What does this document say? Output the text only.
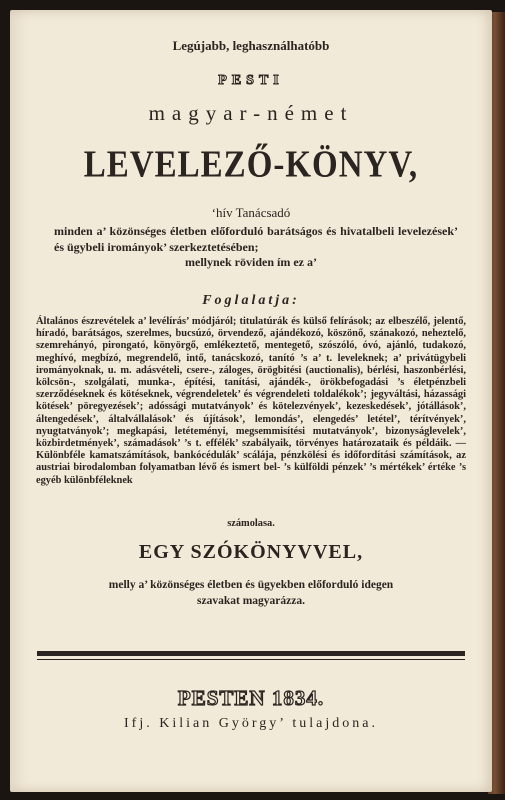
Legújabb, leghasználhatóbb
PESTI
magyar-német
LEVELEZŐ-KÖNYV,
ʻhív Tanácsadó
minden a’ közönséges életben előforduló barátságos és hivatalbeli levelezések’ és ügybeli irományok’ szerkeztetésében;
mellynek röviden ím ez a’
Foglalatja:
Általános észrevételek a’ levélírás’ módjáról; titulatúrák és külső felírások; az elbeszélő, jelentő, híradó, barátságos, szerelmes, bucsúzó, örvendező, ajándékozó, köszönő, szánakozó, neheztelő, szemrehányó, pirongató, könyörgő, emlékeztető, mentegető, szószóló, óvó, ajánló, tudakozó, meghívó, megbízó, megrendelő, intő, tanácskozó, tanító ’s a’ t. leveleknek; a’ privátügybeli irományoknak, u. m. adásvételi, csere-, záloges, örögbitési (auctionalis), bérlési, haszonbérlési, kölcsön-, szolgálati, munka-, építési, tanítási, ajándék-, örökbefogadási ’s életpénzbeli szerződéseknek és kötéseknek, végrendeletek’ és végrendeleti toldalékok’; jegyváltási, házassági kötések’ pöregyezések’; adóssági mutatványok’ és kötelezvények’, kezeskedések’, jótállások’, áltengedések’, általvállalások’ és újítások’, lemondás’, elengedés’ letétel’, térítvények’, nyugtatványok’; megkapási, letéteményi, megsemmisítési mutatványok’, bizonyságlevelek’, közbirdetmények’, számadások’ ’s t. effélék’ szabályaik, törvényes határozataik és példáik. — Különbféle kamatszámítások, bankócédulák’ scálája, pénzkölési és időfordítási számítások, az austriai birodalomban folyamatban lévő és ismert bel- ’s külföldi pénzek’ ’s mértékek’ értéke ’s egyéb különbféleknek
számolasa.
EGY SZÓKÖNYVVEL,
melly a’ közönséges életben és ügyekben előforduló idegen
szavakat magyarázza.
PESTEN 1834.
Ifj. Kilian György’ tulajdona.
